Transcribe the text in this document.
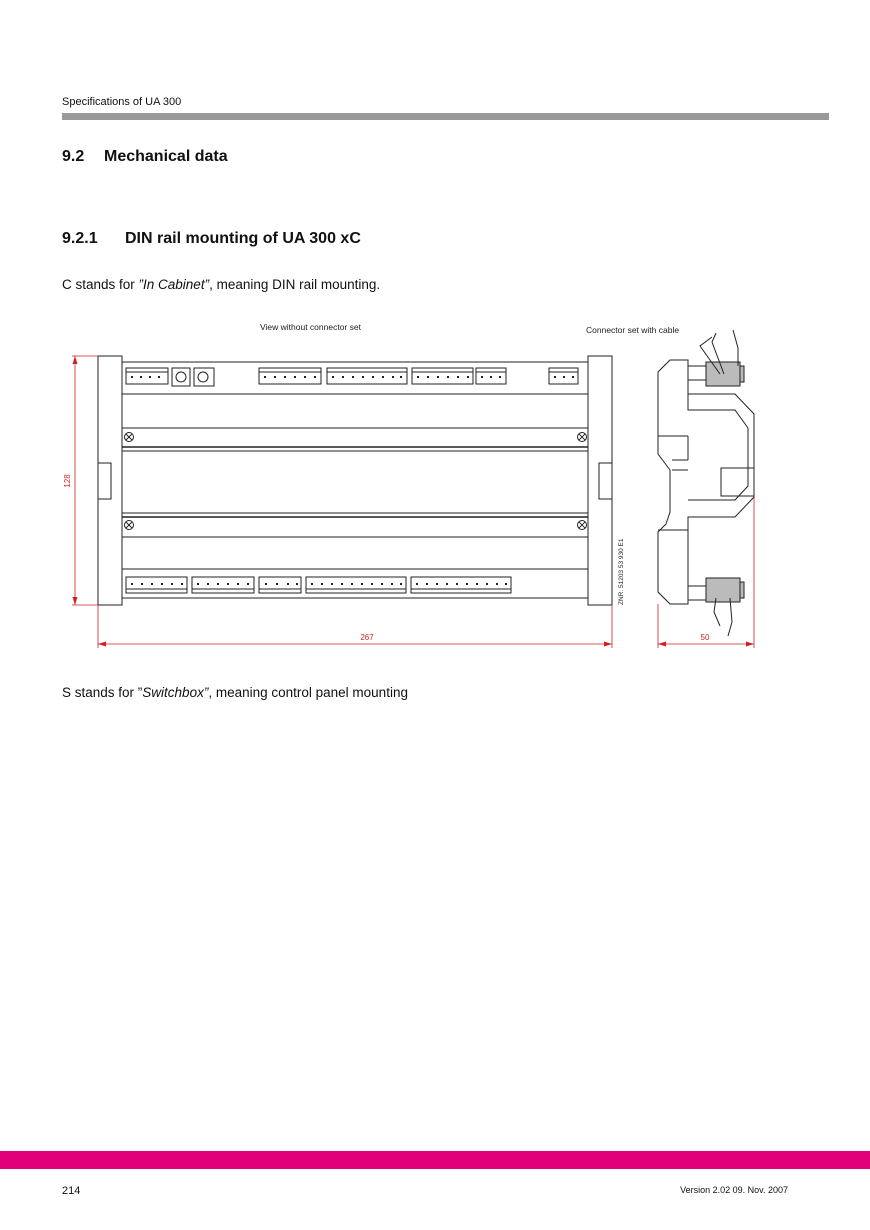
Specifications of UA 300
9.2 Mechanical data
9.2.1 DIN rail mounting of UA 300 xC
C stands for ”In Cabinet”, meaning DIN rail mounting.
View without connector set	Connector set with cable
ZNR. 51203 53 930 E1
128
267	50
S stands for ”Switchbox”, meaning control panel mounting
214	Version 2.02 09. Nov. 2007
